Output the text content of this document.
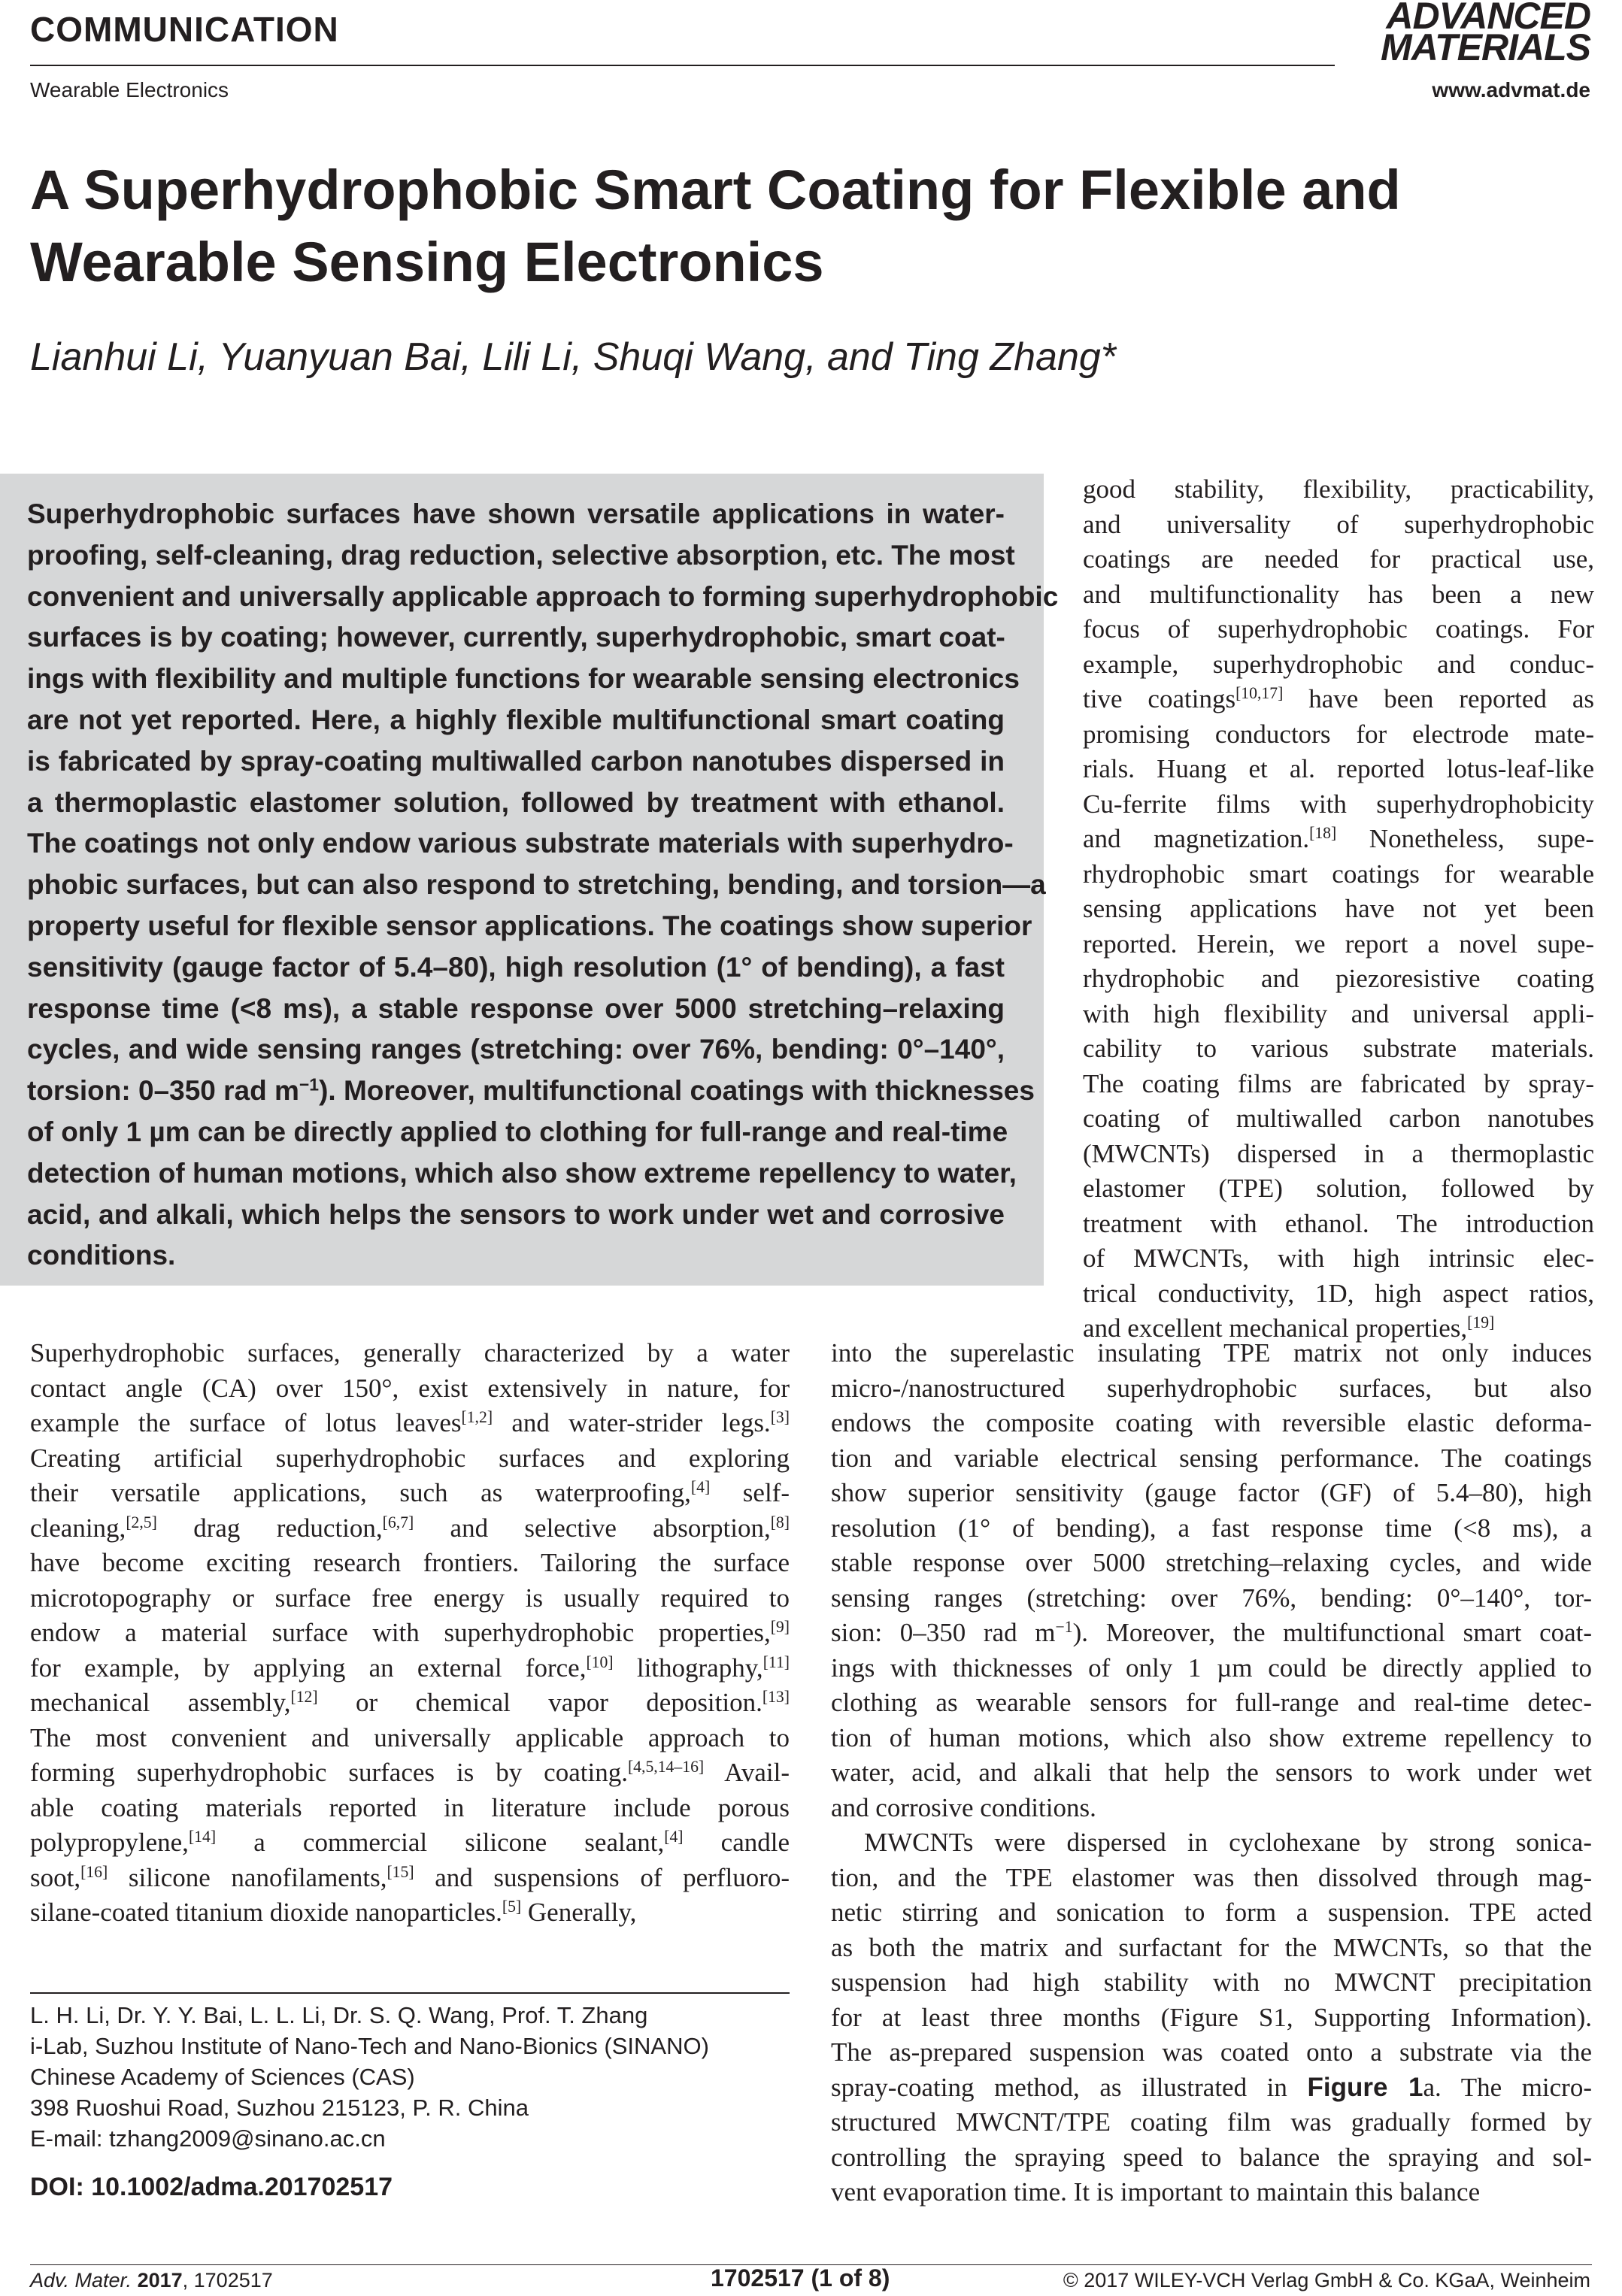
COMMUNICATION
Wearable Electronics
ADVANCED
MATERIALS
www.advmat.de
A Superhydrophobic Smart Coating for Flexible and Wearable Sensing Electronics
Lianhui Li, Yuanyuan Bai, Lili Li, Shuqi Wang, and Ting Zhang*
Superhydrophobic surfaces have shown versatile applications in water-
proofing, self-cleaning, drag reduction, selective absorption, etc. The most
convenient and universally applicable approach to forming superhydrophobic
surfaces is by coating; however, currently, superhydrophobic, smart coat-
ings with flexibility and multiple functions for wearable sensing electronics
are not yet reported. Here, a highly flexible multifunctional smart coating
is fabricated by spray-coating multiwalled carbon nanotubes dispersed in
a thermoplastic elastomer solution, followed by treatment with ethanol.
The coatings not only endow various substrate materials with superhydro-
phobic surfaces, but can also respond to stretching, bending, and torsion—a
property useful for flexible sensor applications. The coatings show superior
sensitivity (gauge factor of 5.4–80), high resolution (1° of bending), a fast
response time (<8 ms), a stable response over 5000 stretching–relaxing
cycles, and wide sensing ranges (stretching: over 76%, bending: 0°–140°,
torsion: 0–350 rad $m^{-1}$). Moreover, multifunctional coatings with thicknesses
of only 1 µm can be directly applied to clothing for full-range and real-time
detection of human motions, which also show extreme repellency to water,
acid, and alkali, which helps the sensors to work under wet and corrosive
conditions.
good stability, flexibility, practicability,
and universality of superhydrophobic
coatings are needed for practical use,
and multifunctionality has been a new
focus of superhydrophobic coatings. For
example, superhydrophobic and conduc-
tive coatings[10,17] have been reported as
promising conductors for electrode mate-
rials. Huang et al. reported lotus-leaf-like
Cu-ferrite films with superhydrophobicity
and magnetization.[18] Nonetheless, supe-
rhydrophobic smart coatings for wearable
sensing applications have not yet been
reported. Herein, we report a novel supe-
rhydrophobic and piezoresistive coating
with high flexibility and universal appli-
cability to various substrate materials.
The coating films are fabricated by spray-
coating of multiwalled carbon nanotubes
(MWCNTs) dispersed in a thermoplastic
elastomer (TPE) solution, followed by
treatment with ethanol. The introduction
of MWCNTs, with high intrinsic elec-
trical conductivity, 1D, high aspect ratios,
and excellent mechanical properties,[19]
Superhydrophobic surfaces, generally characterized by a water
contact angle (CA) over 150°, exist extensively in nature, for
example the surface of lotus leaves[1,2] and water-strider legs.[3]
Creating artificial superhydrophobic surfaces and exploring
their versatile applications, such as waterproofing,[4] self-
cleaning,[2,5] drag reduction,[6,7] and selective absorption,[8]
have become exciting research frontiers. Tailoring the surface
microtopography or surface free energy is usually required to
endow a material surface with superhydrophobic properties,[9]
for example, by applying an external force,[10] lithography,[11]
mechanical assembly,[12] or chemical vapor deposition.[13]
The most convenient and universally applicable approach to
forming superhydrophobic surfaces is by coating.[4,5,14–16] Avail-
able coating materials reported in literature include porous
polypropylene,[14] a commercial silicone sealant,[4] candle
soot,[16] silicone nanofilaments,[15] and suspensions of perfluoro-
silane-coated titanium dioxide nanoparticles.[5] Generally,
into the superelastic insulating TPE matrix not only induces
micro-/nanostructured superhydrophobic surfaces, but also
endows the composite coating with reversible elastic deforma-
tion and variable electrical sensing performance. The coatings
show superior sensitivity (gauge factor (GF) of 5.4–80), high
resolution (1° of bending), a fast response time (<8 ms), a
stable response over 5000 stretching–relaxing cycles, and wide
sensing ranges (stretching: over 76%, bending: 0°–140°, tor-
sion: 0–350 rad $m^{-1}$). Moreover, the multifunctional smart coat-
ings with thicknesses of only 1 µm could be directly applied to
clothing as wearable sensors for full-range and real-time detec-
tion of human motions, which also show extreme repellency to
water, acid, and alkali that help the sensors to work under wet
and corrosive conditions.
MWCNTs were dispersed in cyclohexane by strong sonica-
tion, and the TPE elastomer was then dissolved through mag-
netic stirring and sonication to form a suspension. TPE acted
as both the matrix and surfactant for the MWCNTs, so that the
suspension had high stability with no MWCNT precipitation
for at least three months (Figure S1, Supporting Information).
The as-prepared suspension was coated onto a substrate via the
spray-coating method, as illustrated in Figure 1a. The micro-
structured MWCNT/TPE coating film was gradually formed by
controlling the spraying speed to balance the spraying and sol-
vent evaporation time. It is important to maintain this balance
L. H. Li, Dr. Y. Y. Bai, L. L. Li, Dr. S. Q. Wang, Prof. T. Zhang
i-Lab, Suzhou Institute of Nano-Tech and Nano-Bionics (SINANO)
Chinese Academy of Sciences (CAS)
398 Ruoshui Road, Suzhou 215123, P. R. China
E-mail: tzhang2009@sinano.ac.cn
DOI: 10.1002/adma.201702517
Adv. Mater. 2017, 1702517	1702517 (1 of 8)	© 2017 WILEY-VCH Verlag GmbH & Co. KGaA, Weinheim
